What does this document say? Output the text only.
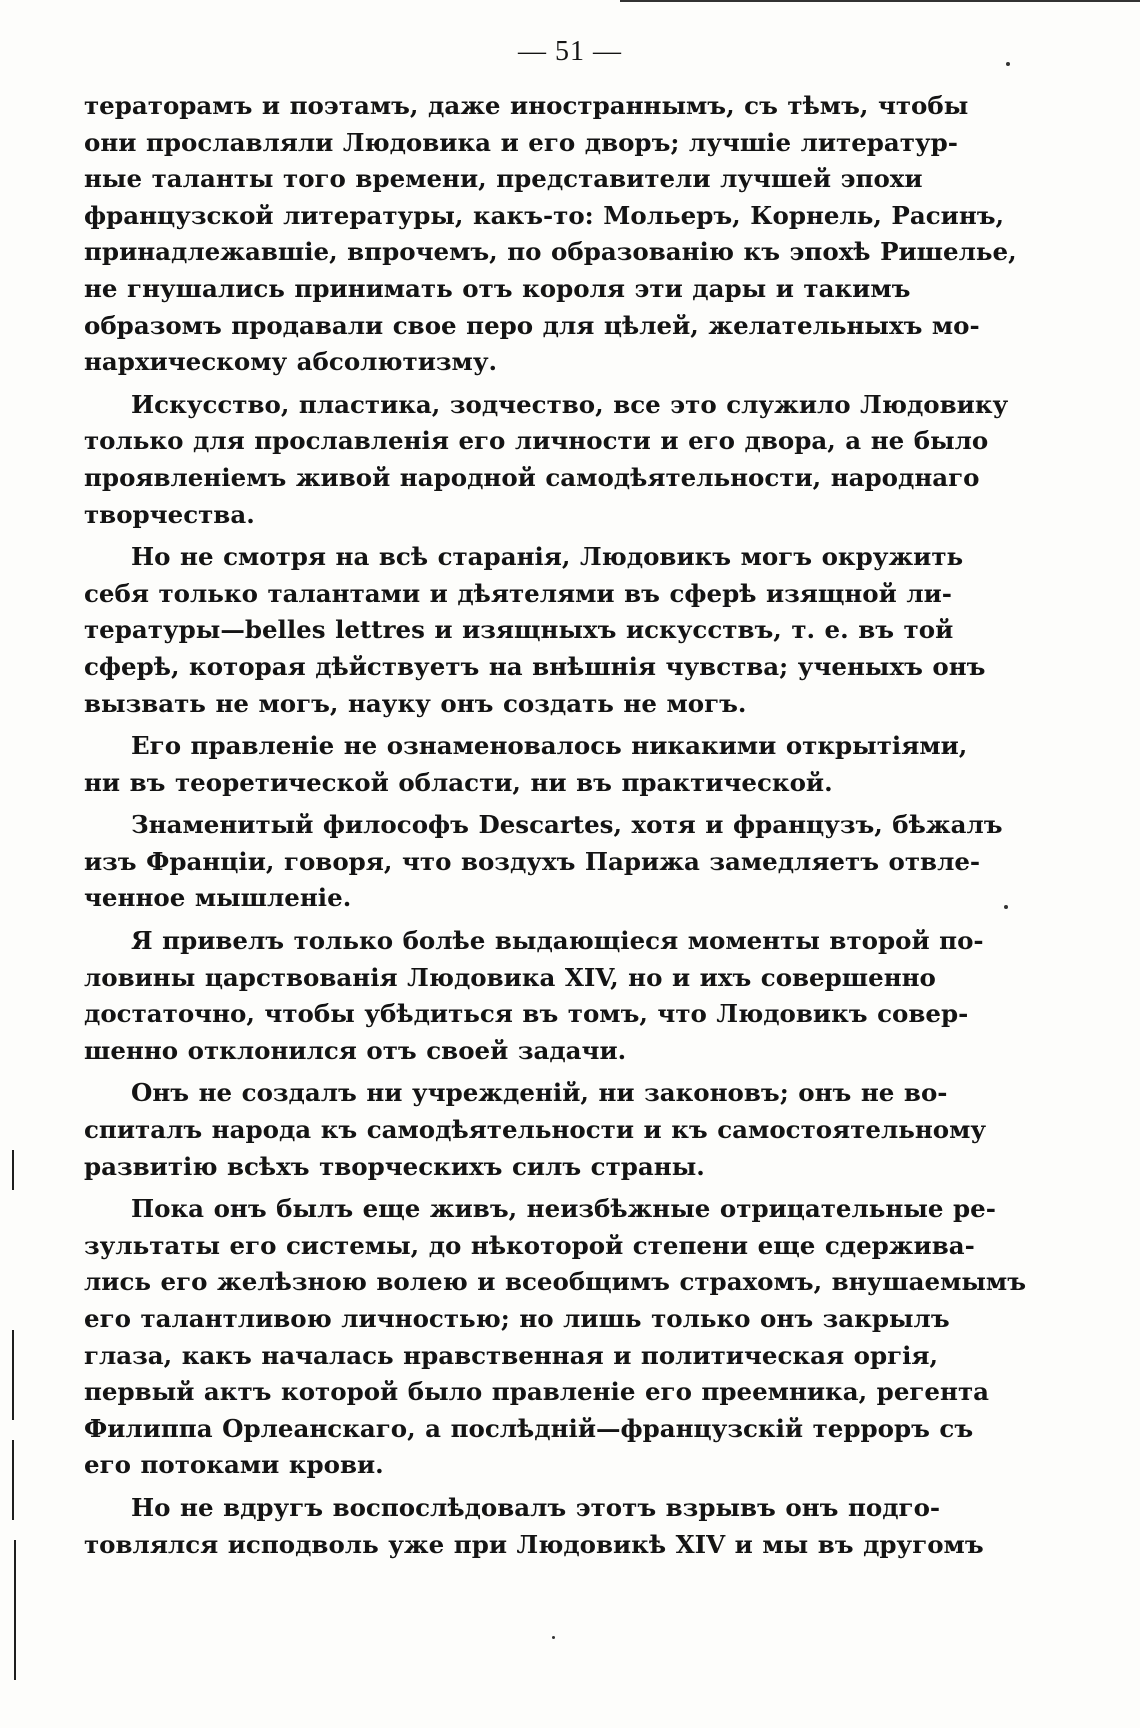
— 51 —
тераторамъ и поэтамъ, даже иностраннымъ, съ тѣмъ, чтобы
они прославляли Людовика и его дворъ; лучшіе литератур-
ные таланты того времени, представители лучшей эпохи
французской литературы, какъ-то: Мольеръ, Корнель, Расинъ,
принадлежавшіе, впрочемъ, по образованію къ эпохѣ Ришелье,
не гнушались принимать отъ короля эти дары и такимъ
образомъ продавали свое перо для цѣлей, желательныхъ мо-
нархическому абсолютизму.
Искусство, пластика, зодчество, все это служило Людовику
только для прославленія его личности и его двора, а не было
проявленіемъ живой народной самодѣятельности, народнаго
творчества.
Но не смотря на всѣ старанія, Людовикъ могъ окружить
себя только талантами и дѣятелями въ сферѣ изящной ли-
тературы—belles lettres и изящныхъ искусствъ, т. е. въ той
сферѣ, которая дѣйствуетъ на внѣшнія чувства; ученыхъ онъ
вызвать не могъ, науку онъ создать не могъ.
Его правленіе не ознаменовалось никакими открытіями,
ни въ теоретической области, ни въ практической.
Знаменитый философъ Descartes, хотя и французъ, бѣжалъ
изъ Франціи, говоря, что воздухъ Парижа замедляетъ отвле-
ченное мышленіе.
Я привелъ только болѣе выдающіеся моменты второй по-
ловины царствованія Людовика XIV, но и ихъ совершенно
достаточно, чтобы убѣдиться въ томъ, что Людовикъ совер-
шенно отклонился отъ своей задачи.
Онъ не создалъ ни учрежденій, ни законовъ; онъ не во-
спиталъ народа къ самодѣятельности и къ самостоятельному
развитію всѣхъ творческихъ силъ страны.
Пока онъ былъ еще живъ, неизбѣжные отрицательные ре-
зультаты его системы, до нѣкоторой степени еще сдержива-
лись его желѣзною волею и всеобщимъ страхомъ, внушаемымъ
его талантливою личностью; но лишь только онъ закрылъ
глаза, какъ началась нравственная и политическая оргія,
первый актъ которой было правленіе его преемника, регента
Филиппа Орлеанскаго, а послѣдній—французскій терроръ съ
его потоками крови.
Но не вдругъ воспослѣдовалъ этотъ взрывъ онъ подго-
товлялся исподволь уже при Людовикѣ XIV и мы въ другомъ
